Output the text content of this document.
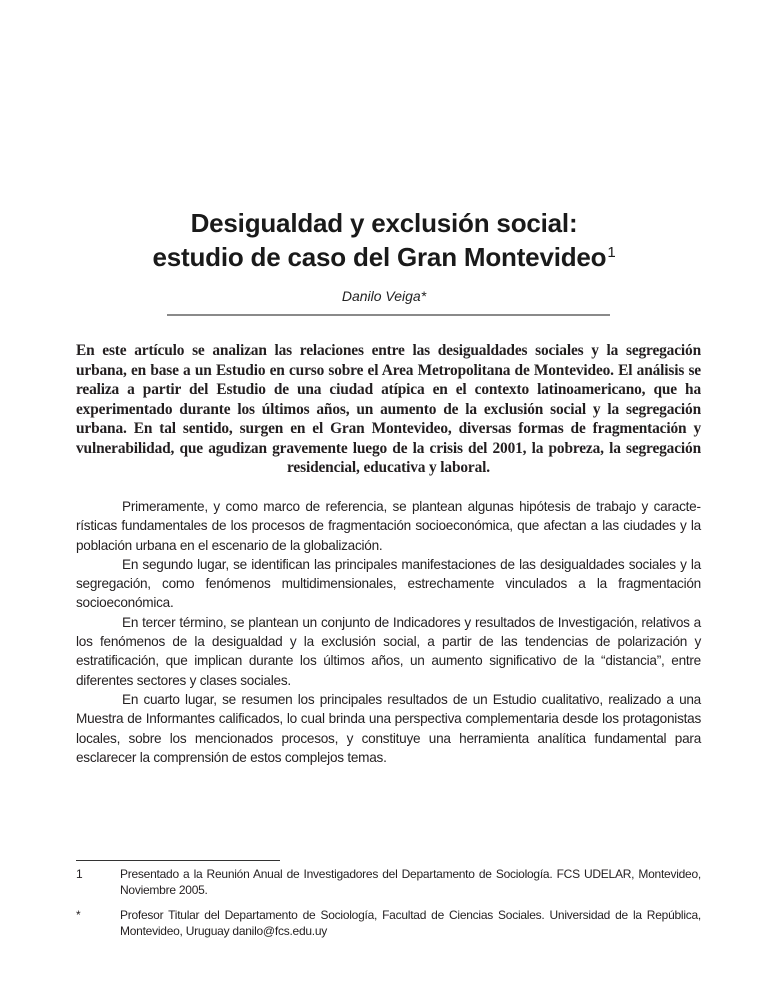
Desigualdad y exclusión social:
estudio de caso del Gran Montevideo$^1$
Danilo Veiga*

En este artículo se analizan las relaciones entre las desigualdades sociales y la segregación urbana, en base a un Estudio en curso sobre el Area Metropolitana de Montevideo. El análisis se realiza a partir del Estudio de una ciudad atípica en el contexto latinoamericano, que ha experimentado durante los últimos años, un aumento de la exclusión social y la segregación urbana. En tal sentido, surgen en el Gran Montevideo, diversas formas de fragmentación y vulnerabilidad, que agudizan gravemente luego de la crisis del 2001, la pobreza, la segregación residencial, educativa y laboral.

Primeramente, y como marco de referencia, se plantean algunas hipótesis de trabajo y características fundamentales de los procesos de fragmentación socioeconómica, que afectan a las ciudades y la población urbana en el escenario de la globalización.

En segundo lugar, se identifican las principales manifestaciones de las desigualdades sociales y la segregación, como fenómenos multidimensionales, estrechamente vinculados a la fragmentación socioeconómica.

En tercer término, se plantean un conjunto de Indicadores y resultados de Investigación, relativos a los fenómenos de la desigualdad y la exclusión social, a partir de las tendencias de polarización y estratificación, que implican durante los últimos años, un aumento significativo de la “distancia”, entre diferentes sectores y clases sociales.

En cuarto lugar, se resumen los principales resultados de un Estudio cualitativo, realizado a una Muestra de Informantes calificados, lo cual brinda una perspectiva complementaria desde los protagonistas locales, sobre los mencionados procesos, y constituye una herramienta analítica fundamental para esclarecer la comprensión de estos complejos temas.

1	Presentado a la Reunión Anual de Investigadores del Departamento de Sociología. FCS UDELAR, Montevideo, Noviembre 2005.
*	Profesor Titular del Departamento de Sociología, Facultad de Ciencias Sociales. Universidad de la República, Montevideo, Uruguay danilo@fcs.edu.uy
